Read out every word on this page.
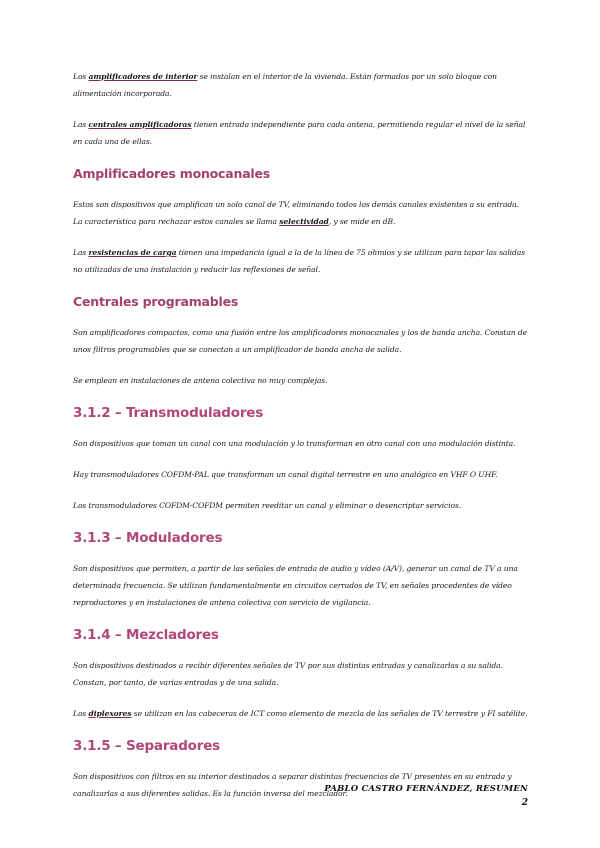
Los amplificadores de interior se instalan en el interior de la vivienda. Están formados por un solo bloque con alimentación incorporada.

Las centrales amplificadoras tienen entrada independiente para cada antena, permitiendo regular el nivel de la señal en cada una de ellas.

Amplificadores monocanales

Estos son dispositivos que amplifican un solo canal de TV, eliminando todos los demás canales existentes a su entrada. La característica para rechazar estos canales se llama selectividad, y se mide en dB.

Las resistencias de carga tienen una impedancia igual a la de la línea de 75 ohmios y se utilizan para tapar las salidas no utilizadas de una instalación y reducir las reflexiones de señal.

Centrales programables

Son amplificadores compactos, como una fusión entre los amplificadores monocanales y los de banda ancha. Constan de unos filtros programables que se conectan a un amplificador de banda ancha de salida.

Se emplean en instalaciones de antena colectiva no muy complejas.

3.1.2 – Transmoduladores

Son dispositivos que toman un canal con una modulación y lo transforman en otro canal con una modulación distinta.

Hay transmoduladores COFDM-PAL que transforman un canal digital terrestre en uno analógico en VHF O UHF.

Los transmoduladores COFDM-COFDM permiten reeditar un canal y eliminar o desencriptar servicios.

3.1.3 – Moduladores

Son dispositivos que permiten, a partir de las señales de entrada de audio y vídeo (A/V), generar un canal de TV a una determinada frecuencia. Se utilizan fundamentalmente en circuitos cerrados de TV, en señales procedentes de vídeo reproductores y en instalaciones de antena colectiva con servicio de vigilancia.

3.1.4 – Mezcladores

Son dispositivos destinados a recibir diferentes señales de TV por sus distintas entradas y canalizarlas a su salida. Constan, por tanto, de varias entradas y de una salida.

Los diplexores se utilizan en las cabeceras de ICT como elemento de mezcla de las señales de TV terrestre y FI satélite.

3.1.5 – Separadores

Son dispositivos con filtros en su interior destinados a separar distintas frecuencias de TV presentes en su entrada y canalizarlas a sus diferentes salidas. Es la función inversa del mezclador.

PABLO CASTRO FERNÁNDEZ, RESUMEN
2
